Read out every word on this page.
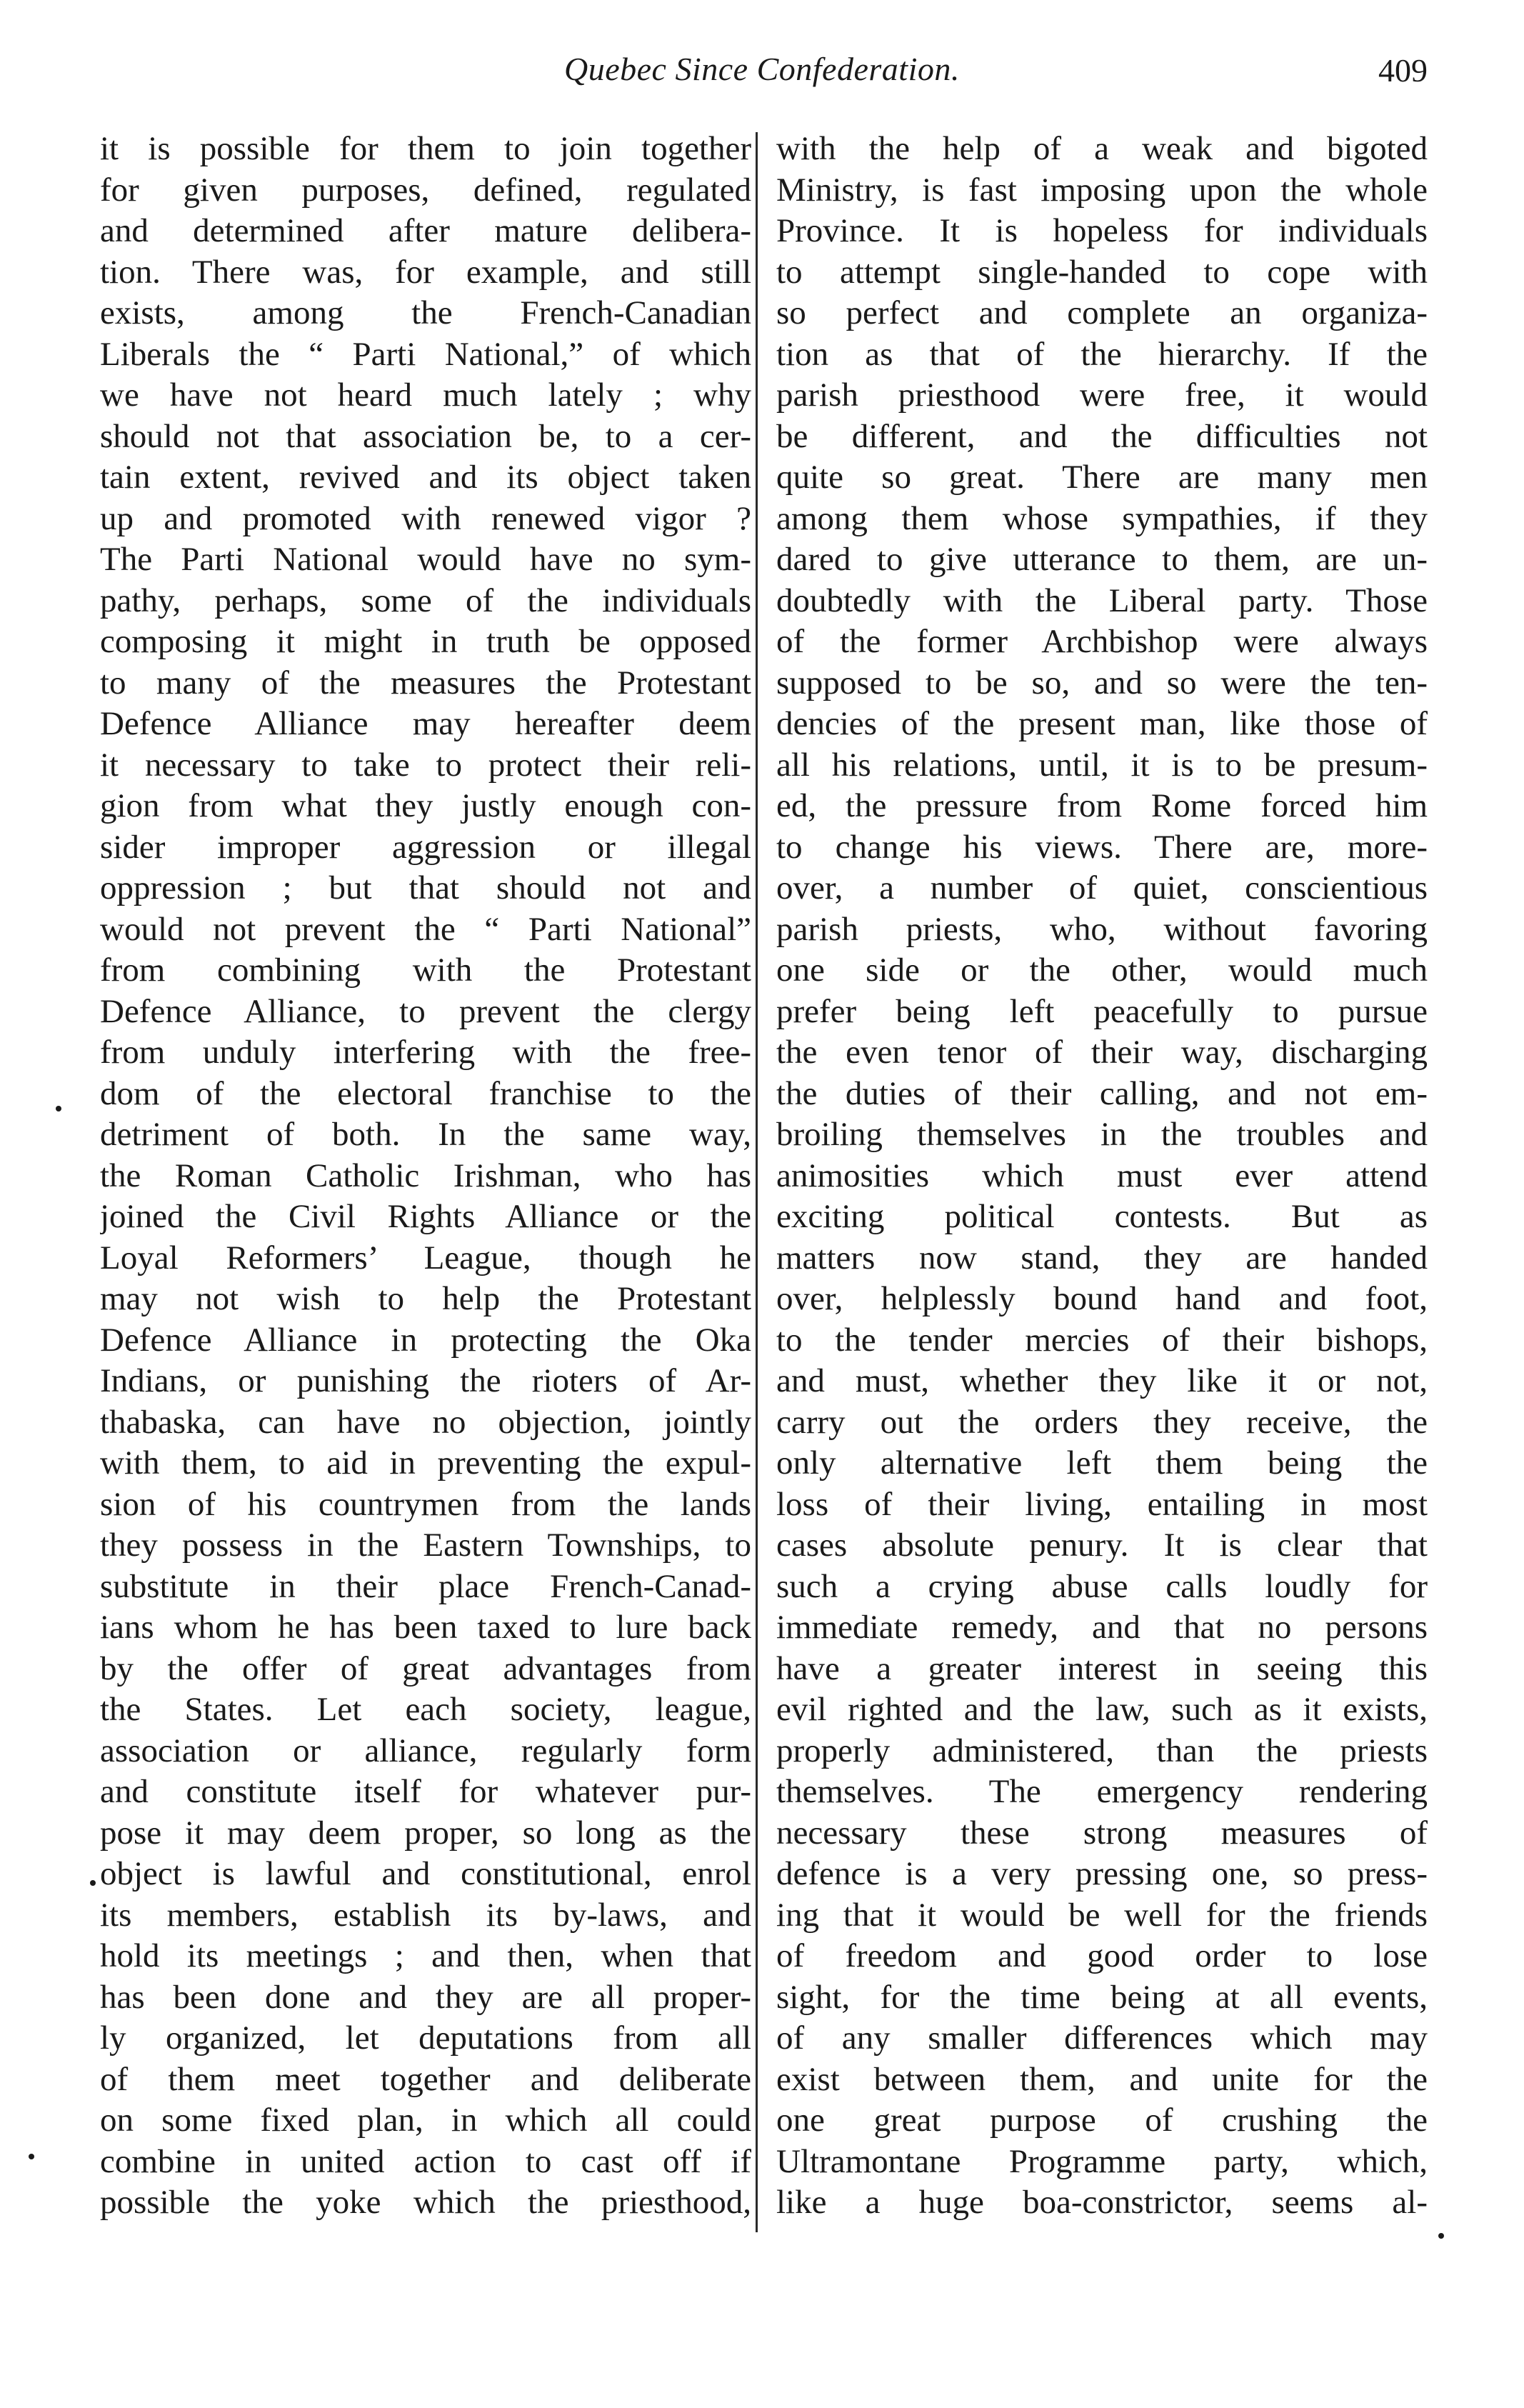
Quebec Since Confederation.	409
it is possible for them to join together
for given purposes, defined, regulated
and determined after mature delibera-
tion. There was, for example, and still
exists, among the French-Canadian
Liberals the “ Parti National,” of which
we have not heard much lately ; why
should not that association be, to a cer-
tain extent, revived and its object taken
up and promoted with renewed vigor ?
The Parti National would have no sym-
pathy, perhaps, some of the individuals
composing it might in truth be opposed
to many of the measures the Protestant
Defence Alliance may hereafter deem
it necessary to take to protect their reli-
gion from what they justly enough con-
sider improper aggression or illegal
oppression ; but that should not and
would not prevent the “ Parti National”
from combining with the Protestant
Defence Alliance, to prevent the clergy
from unduly interfering with the free-
dom of the electoral franchise to the
detriment of both. In the same way,
the Roman Catholic Irishman, who has
joined the Civil Rights Alliance or the
Loyal Reformers’ League, though he
may not wish to help the Protestant
Defence Alliance in protecting the Oka
Indians, or punishing the rioters of Ar-
thabaska, can have no objection, jointly
with them, to aid in preventing the expul-
sion of his countrymen from the lands
they possess in the Eastern Townships, to
substitute in their place French-Canad-
ians whom he has been taxed to lure back
by the offer of great advantages from
the States. Let each society, league,
association or alliance, regularly form
and constitute itself for whatever pur-
pose it may deem proper, so long as the
object is lawful and constitutional, enrol
its members, establish its by-laws, and
hold its meetings ; and then, when that
has been done and they are all proper-
ly organized, let deputations from all
of them meet together and deliberate
on some fixed plan, in which all could
combine in united action to cast off if
possible the yoke which the priesthood,
with the help of a weak and bigoted
Ministry, is fast imposing upon the whole
Province. It is hopeless for individuals
to attempt single-handed to cope with
so perfect and complete an organiza-
tion as that of the hierarchy. If the
parish priesthood were free, it would
be different, and the difficulties not
quite so great. There are many men
among them whose sympathies, if they
dared to give utterance to them, are un-
doubtedly with the Liberal party. Those
of the former Archbishop were always
supposed to be so, and so were the ten-
dencies of the present man, like those of
all his relations, until, it is to be presum-
ed, the pressure from Rome forced him
to change his views. There are, more-
over, a number of quiet, conscientious
parish priests, who, without favoring
one side or the other, would much
prefer being left peacefully to pursue
the even tenor of their way, discharging
the duties of their calling, and not em-
broiling themselves in the troubles and
animosities which must ever attend
exciting political contests. But as
matters now stand, they are handed
over, helplessly bound hand and foot,
to the tender mercies of their bishops,
and must, whether they like it or not,
carry out the orders they receive, the
only alternative left them being the
loss of their living, entailing in most
cases absolute penury. It is clear that
such a crying abuse calls loudly for
immediate remedy, and that no persons
have a greater interest in seeing this
evil righted and the law, such as it exists,
properly administered, than the priests
themselves. The emergency rendering
necessary these strong measures of
defence is a very pressing one, so press-
ing that it would be well for the friends
of freedom and good order to lose
sight, for the time being at all events,
of any smaller differences which may
exist between them, and unite for the
one great purpose of crushing the
Ultramontane Programme party, which,
like a huge boa-constrictor, seems al-
